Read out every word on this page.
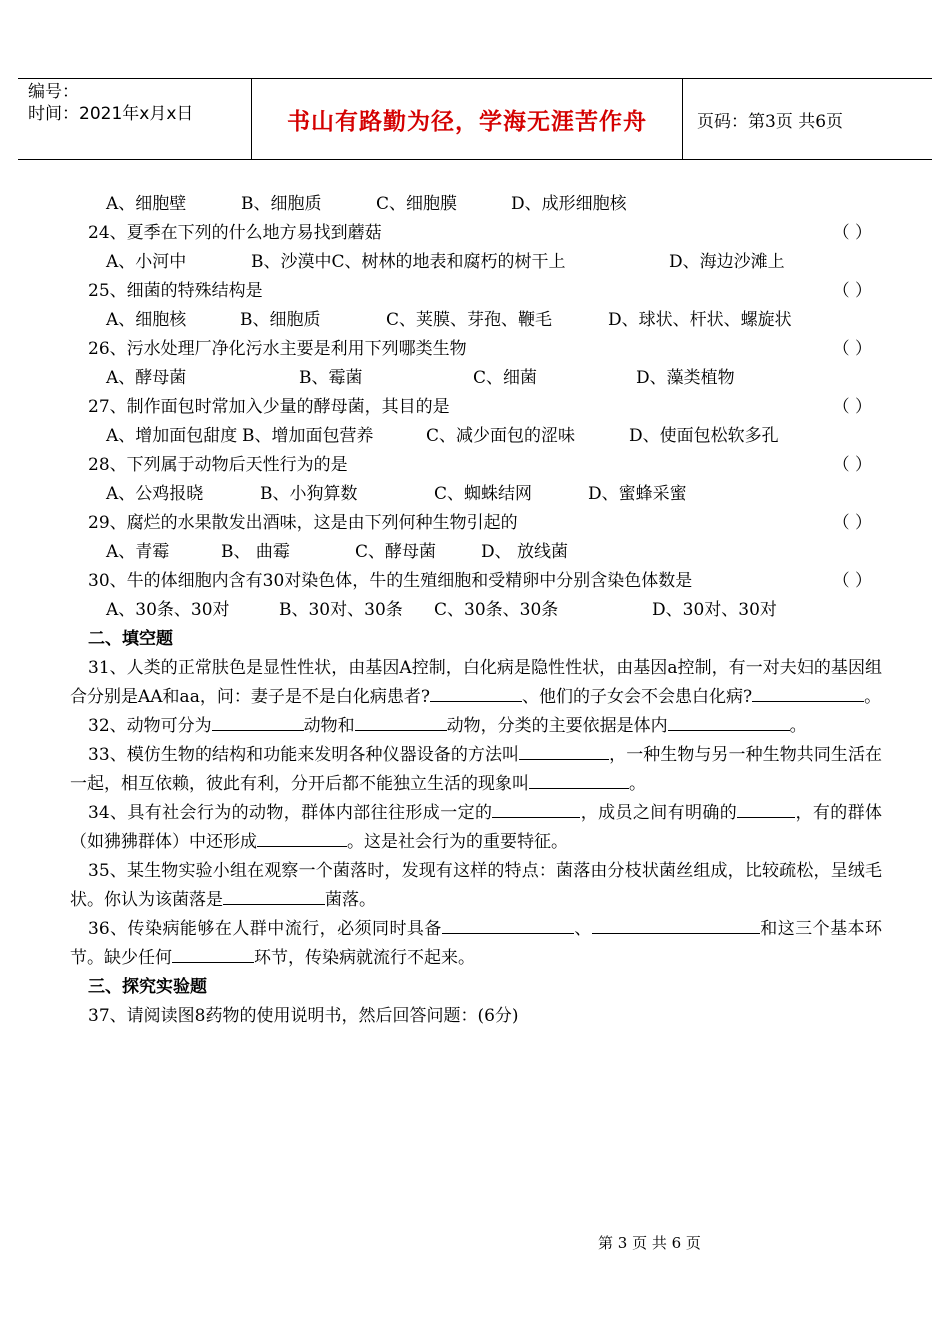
编号：
时间：2021年x月x日	书山有路勤为径，学海无涯苦作舟	页码：第3页 共6页
A、细胞壁	B、细胞质	C、细胞膜	D、成形细胞核
24、夏季在下列的什么地方易找到蘑菇	（ ）
A、小河中	B、沙漠中C、树林的地表和腐朽的树干上	D、海边沙滩上
25、细菌的特殊结构是	（ ）
A、细胞核	B、细胞质	C、荚膜、芽孢、鞭毛	D、球状、杆状、螺旋状
26、污水处理厂净化污水主要是利用下列哪类生物	（ ）
A、酵母菌	B、霉菌	C、细菌	D、藻类植物
27、制作面包时常加入少量的酵母菌，其目的是	（ ）
A、增加面包甜度 B、增加面包营养	C、减少面包的涩味	D、使面包松软多孔
28、下列属于动物后天性行为的是	（ ）
A、公鸡报晓	B、小狗算数	C、蜘蛛结网	D、蜜蜂采蜜
29、腐烂的水果散发出酒味，这是由下列何种生物引起的	（ ）
A、青霉	B、 曲霉	C、酵母菌	D、 放线菌
30、牛的体细胞内含有30对染色体，牛的生殖细胞和受精卵中分别含染色体数是	（ ）
A、30条、30对	B、30对、30条	C、30条、30条	D、30对、30对
二、填空题

31、人类的正常肤色是显性性状，由基因A控制，白化病是隐性性状，由基因a控制，有一对夫妇的基因组合分别是AA和aa，问：妻子是不是白化病患者?	、他们的子女会不会患白化病?	。

32、动物可分为	动物和	动物，分类的主要依据是体内	。

33、模仿生物的结构和功能来发明各种仪器设备的方法叫	，一种生物与另一种生物共同生活在一起，相互依赖，彼此有利，分开后都不能独立生活的现象叫	。

34、具有社会行为的动物，群体内部往往形成一定的	，成员之间有明确的	，有的群体（如狒狒群体）中还形成	。这是社会行为的重要特征。

35、某生物实验小组在观察一个菌落时，发现有这样的特点：菌落由分枝状菌丝组成，比较疏松，呈绒毛状。你认为该菌落是	菌落。

36、传染病能够在人群中流行，必须同时具备	、	和这三个基本环节。缺少任何	环节，传染病就流行不起来。

三、探究实验题
37、请阅读图8药物的使用说明书，然后回答问题：(6分)
第 3 页 共 6 页
